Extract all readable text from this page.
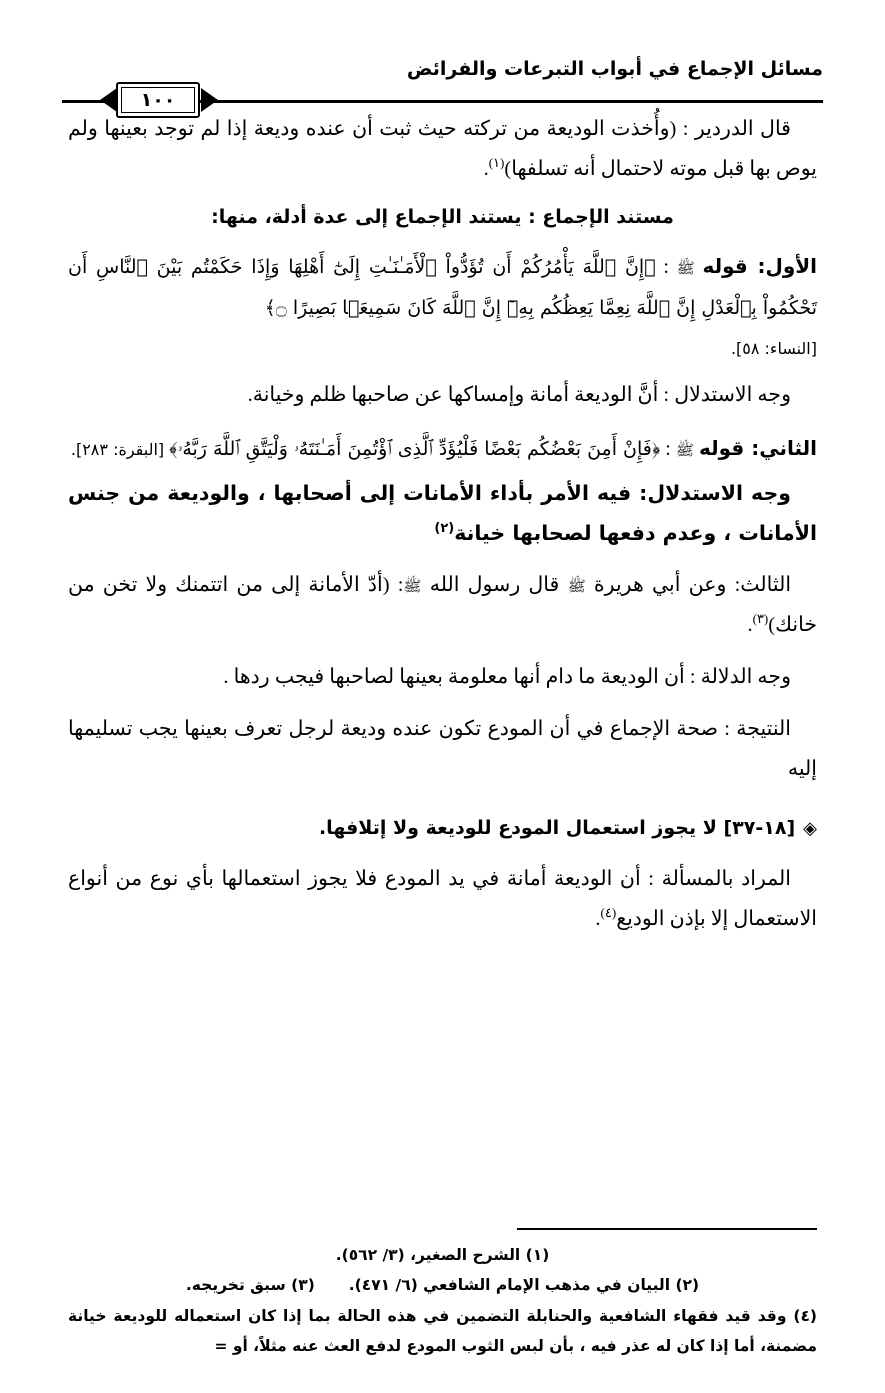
مسائل الإجماع في أبواب التبرعات والفرائض
١٠٠

قال الدردير : (وأُخذت الوديعة من تركته حيث ثبت أن عنده وديعة إذا لم توجد بعينها ولم يوص بها قبل موته لاحتمال أنه تسلفها)$^{(١)}$.

مستند الإجماع : يستند الإجماع إلى عدة أدلة، منها:

الأول: قوله ﷺ : ﴿إِنَّ ٱللَّهَ يَأْمُرُكُمْ أَن تُؤَدُّواْ ٱلْأَمَـٰنَـٰتِ إِلَىٰٓ أَهْلِهَا وَإِذَا حَكَمْتُم بَيْنَ ٱلنَّاسِ أَن تَحْكُمُواْ بِٱلْعَدْلِ إِنَّ ٱللَّهَ نِعِمَّا يَعِظُكُم بِهِۦٓ إِنَّ ٱللَّهَ كَانَ سَمِيعَۢا بَصِيرًا ۝﴾

[النساء: ٥٨].

وجه الاستدلال : أنَّ الوديعة أمانة وإمساكها عن صاحبها ظلم وخيانة.

الثاني: قوله ﷺ : ﴿فَإِنْ أَمِنَ بَعْضُكُم بَعْضًا فَلْيُؤَدِّ ٱلَّذِى ٱؤْتُمِنَ أَمَـٰنَتَهُۥ وَلْيَتَّقِ ٱللَّهَ رَبَّهُۥ﴾ [البقرة: ٢٨٣].

وجه الاستدلال: فيه الأمر بأداء الأمانات إلى أصحابها ، والوديعة من جنس الأمانات ، وعدم دفعها لصحابها خيانة$^{(٢)}$

الثالث: وعن أبي هريرة ﷺ قال رسول الله ﷺ: (أدّ الأمانة إلى من اتتمنك ولا تخن من خانك)$^{(٣)}$.

وجه الدلالة : أن الوديعة ما دام أنها معلومة بعينها لصاحبها فيجب ردها .

النتيجة : صحة الإجماع في أن المودع تكون عنده وديعة لرجل تعرف بعينها يجب تسليمها إليه

◈[١٨-٣٧] لا يجوز استعمال المودع للوديعة ولا إتلافها.

المراد بالمسألة : أن الوديعة أمانة في يد المودع فلا يجوز استعمالها بأي نوع من أنواع الاستعمال إلا بإذن الوديع$^{(٤)}$.

(١) الشرح الصغير، (٣/ ٥٦٢).
(٢) البيان في مذهب الإمام الشافعي (٦/ ٤٧١).(٣) سبق تخريجه.
(٤) وقد قيد فقهاء الشافعية والحنابلة التضمين في هذه الحالة بما إذا كان استعماله للوديعة خيانة مضمنة، أما إذا كان له عذر فيه ، بأن لبس الثوب المودع لدفع العث عنه مثلاً، أو =
